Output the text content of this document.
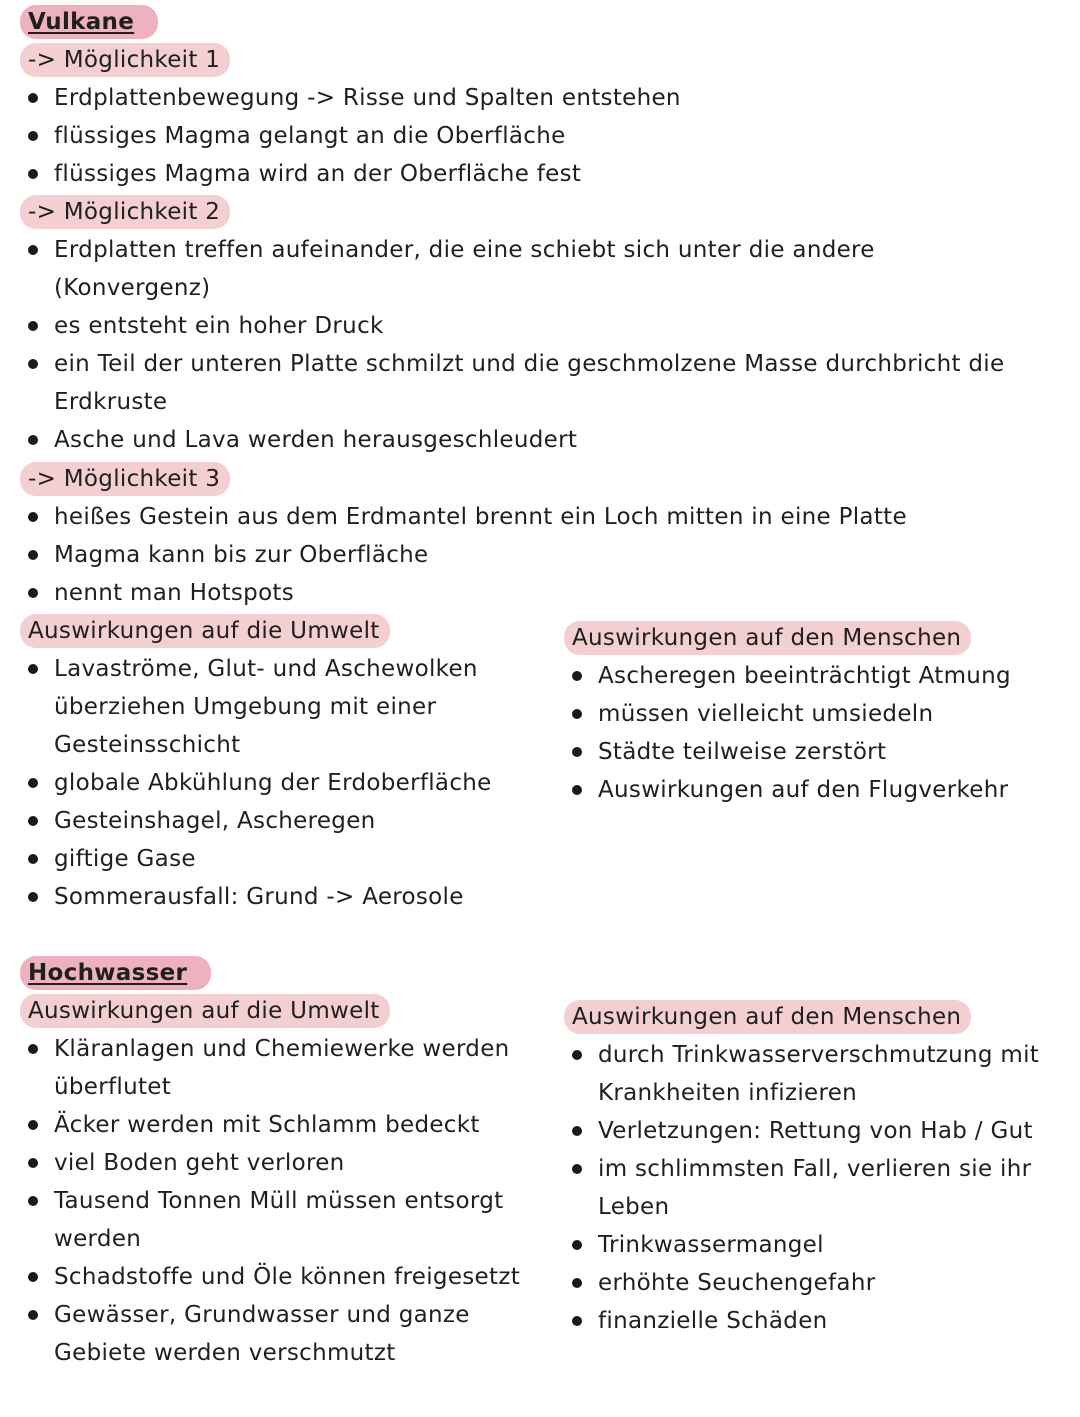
Vulkane
-> Möglichkeit 1
Erdplattenbewegung -> Risse und Spalten entstehen
flüssiges Magma gelangt an die Oberfläche
flüssiges Magma wird an der Oberfläche fest
-> Möglichkeit 2
Erdplatten treffen aufeinander, die eine schiebt sich unter die andere (Konvergenz)
es entsteht ein hoher Druck
ein Teil der unteren Platte schmilzt und die geschmolzene Masse durchbricht die Erdkruste
Asche und Lava werden herausgeschleudert
-> Möglichkeit 3
heißes Gestein aus dem Erdmantel brennt ein Loch mitten in eine Platte
Magma kann bis zur Oberfläche
nennt man Hotspots
Auswirkungen auf die Umwelt
Lavaströme, Glut- und Aschewolken überziehen Umgebung mit einer Gesteinsschicht
globale Abkühlung der Erdoberfläche
Gesteinshagel, Ascheregen
giftige Gase
Sommerausfall: Grund -> Aerosole
Auswirkungen auf den Menschen
Ascheregen beeinträchtigt Atmung
müssen vielleicht umsiedeln
Städte teilweise zerstört
Auswirkungen auf den Flugverkehr
Hochwasser
Auswirkungen auf die Umwelt
Kläranlagen und Chemiewerke werden überflutet
Äcker werden mit Schlamm bedeckt
viel Boden geht verloren
Tausend Tonnen Müll müssen entsorgt werden
Schadstoffe und Öle können freigesetzt
Gewässer, Grundwasser und ganze Gebiete werden verschmutzt
Auswirkungen auf den Menschen
durch Trinkwasserverschmutzung mit Krankheiten infizieren
Verletzungen: Rettung von Hab / Gut
im schlimmsten Fall, verlieren sie ihr Leben
Trinkwassermangel
erhöhte Seuchengefahr
finanzielle Schäden
